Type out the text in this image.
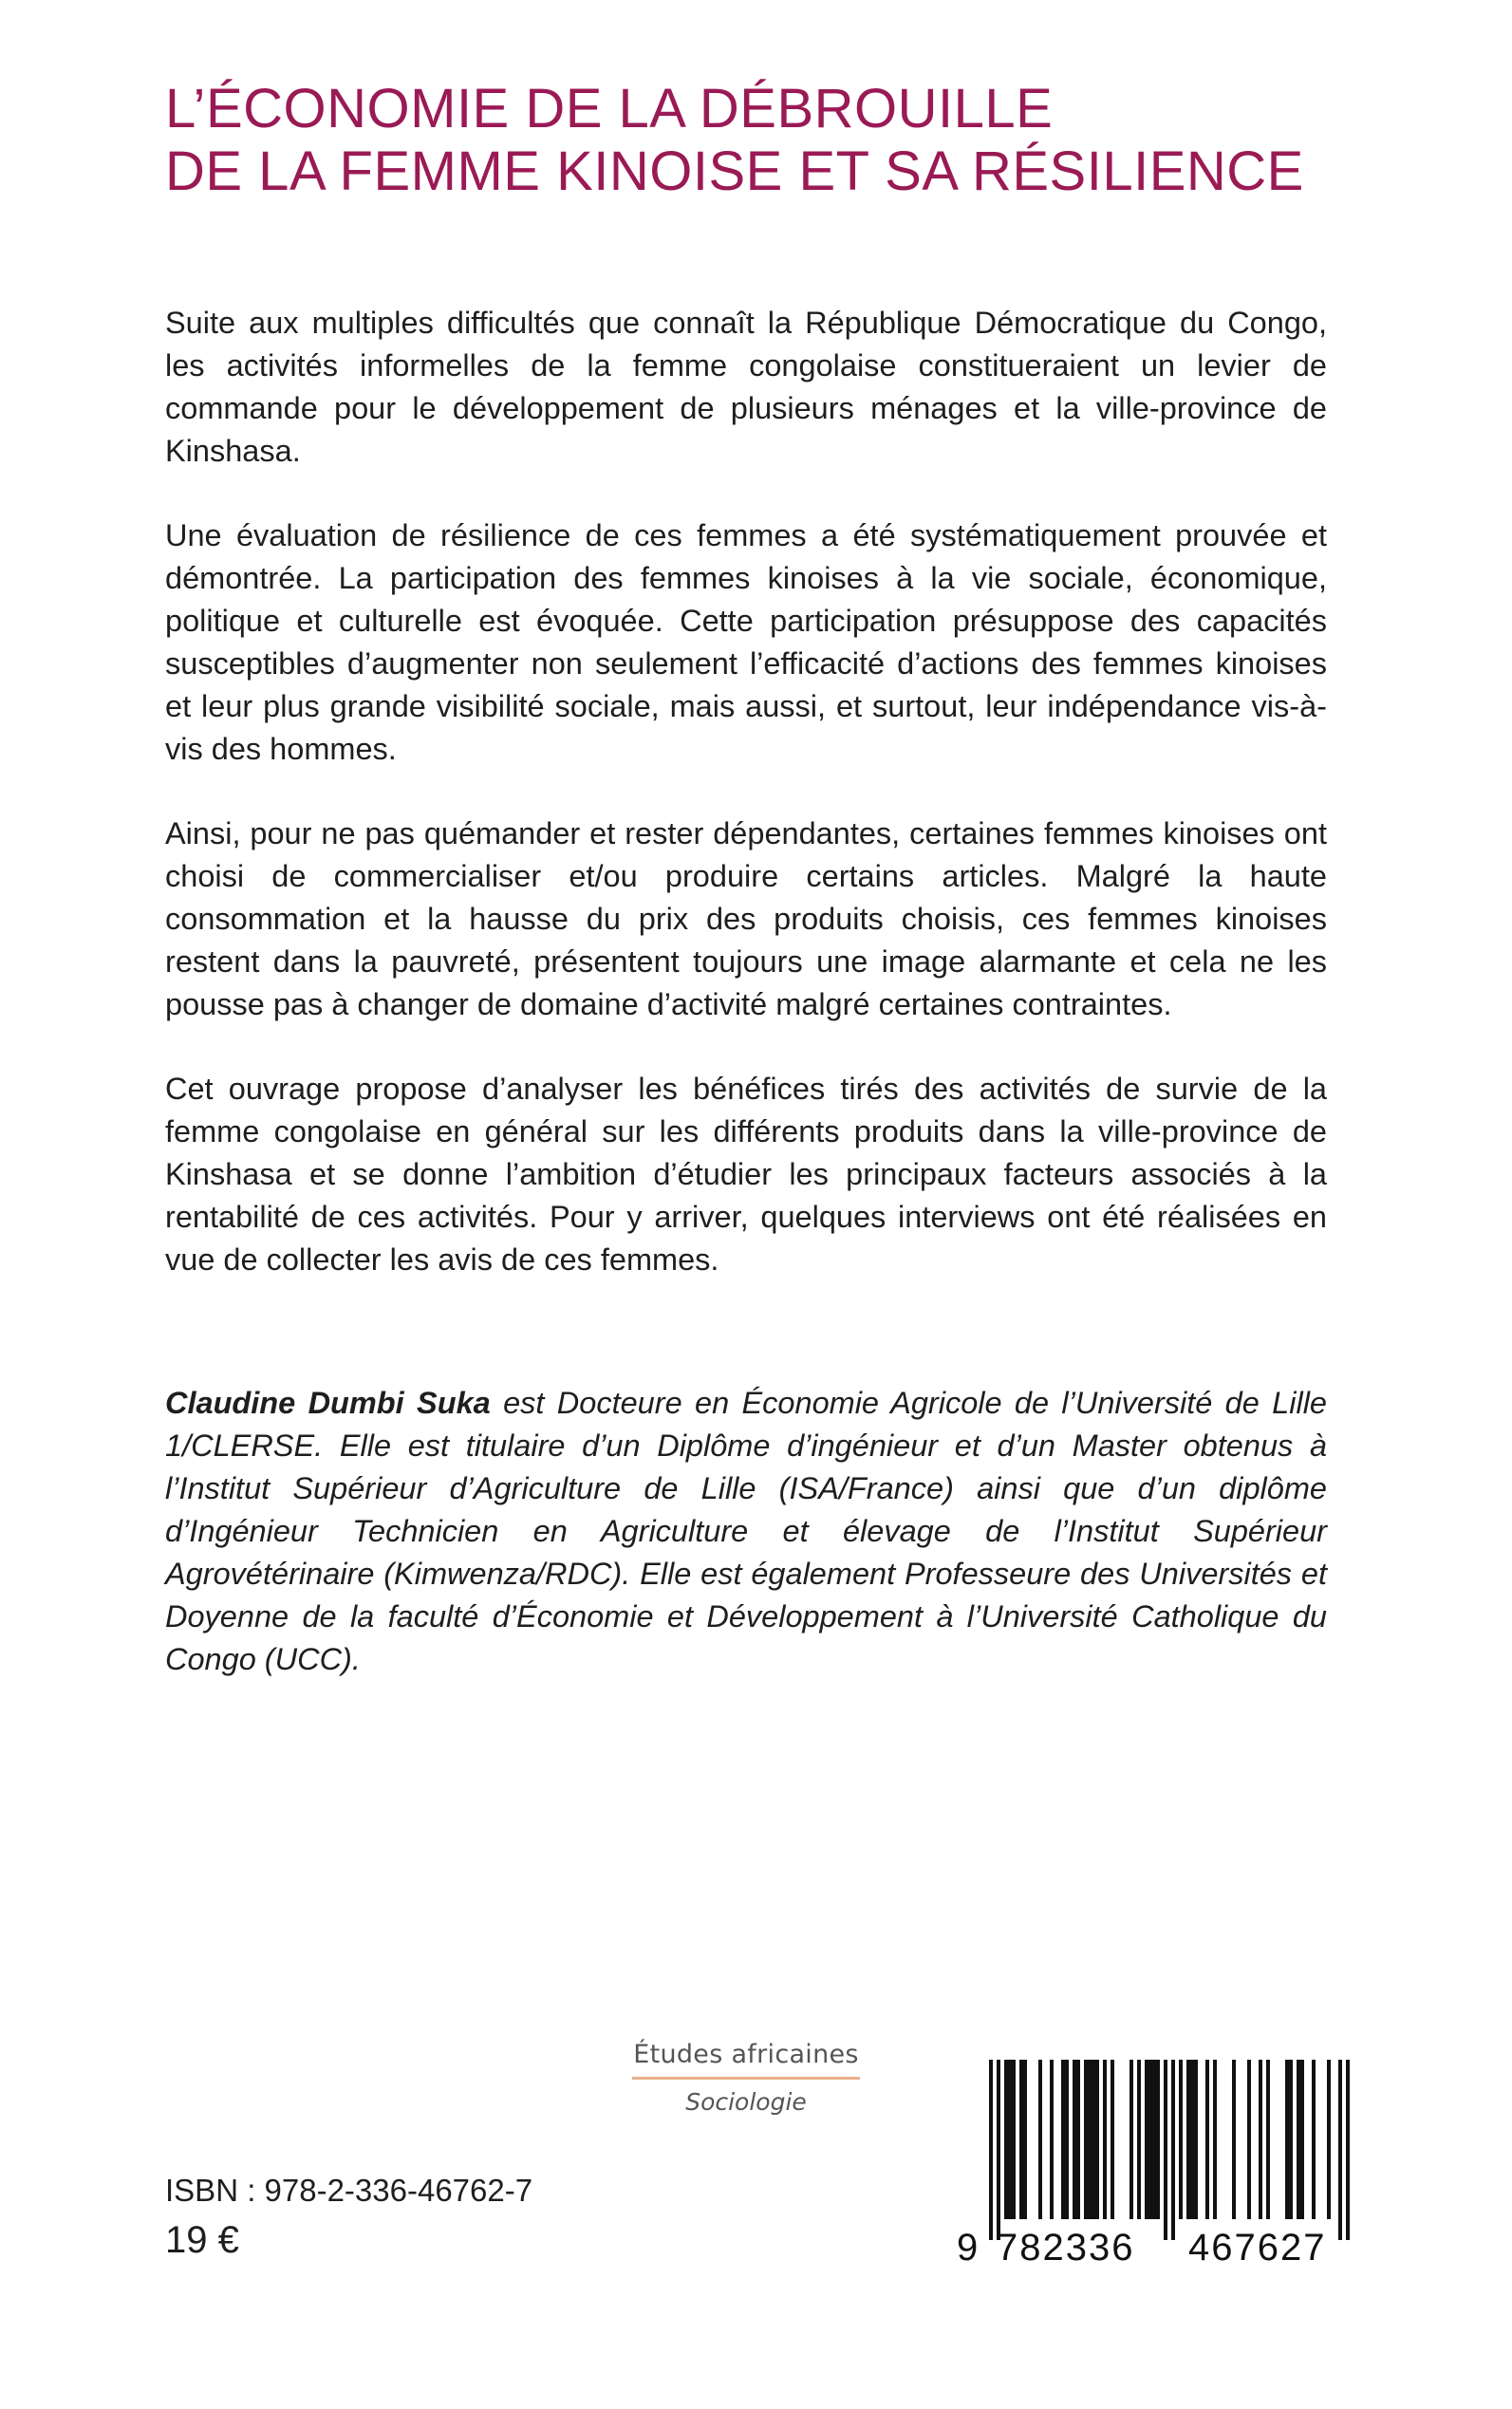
L’ÉCONOMIE DE LA DÉBROUILLE
DE LA FEMME KINOISE ET SA RÉSILIENCE

Suite aux multiples difficultés que connaît la République Démocratique du Congo, les activités informelles de la femme congolaise constitueraient un levier de commande pour le développement de plusieurs ménages et la ville-province de Kinshasa.

Une évaluation de résilience de ces femmes a été systématiquement prouvée et démontrée. La participation des femmes kinoises à la vie sociale, économique, politique et culturelle est évoquée. Cette participation présuppose des capacités susceptibles d’augmenter non seulement l’efficacité d’actions des femmes kinoises et leur plus grande visibilité sociale, mais aussi, et surtout, leur indépendance vis-à-vis des hommes.

Ainsi, pour ne pas quémander et rester dépendantes, certaines femmes kinoises ont choisi de commercialiser et/ou produire certains articles. Malgré la haute consommation et la hausse du prix des produits choisis, ces femmes kinoises restent dans la pauvreté, présentent toujours une image alarmante et cela ne les pousse pas à changer de domaine d’activité malgré certaines contraintes.

Cet ouvrage propose d’analyser les bénéfices tirés des activités de survie de la femme congolaise en général sur les différents produits dans la ville-province de Kinshasa et se donne l’ambition d’étudier les principaux facteurs associés à la rentabilité de ces activités. Pour y arriver, quelques interviews ont été réalisées en vue de collecter les avis de ces femmes.

Claudine Dumbi Suka est Docteure en Économie Agricole de l’Université de Lille 1/CLERSE. Elle est titulaire d’un Diplôme d’ingénieur et d’un Master obtenus à l’Institut Supérieur d’Agriculture de Lille (ISA/France) ainsi que d’un diplôme d’Ingénieur Technicien en Agriculture et élevage de l’Institut Supérieur Agrovétérinaire (Kimwenza/RDC). Elle est également Professeure des Universités et Doyenne de la faculté d’Économie et Développement à l’Université Catholique du Congo (UCC).

Études africaines
Sociologie
ISBN : 978-2-336-46762-7
19 €	9 782336 467627
